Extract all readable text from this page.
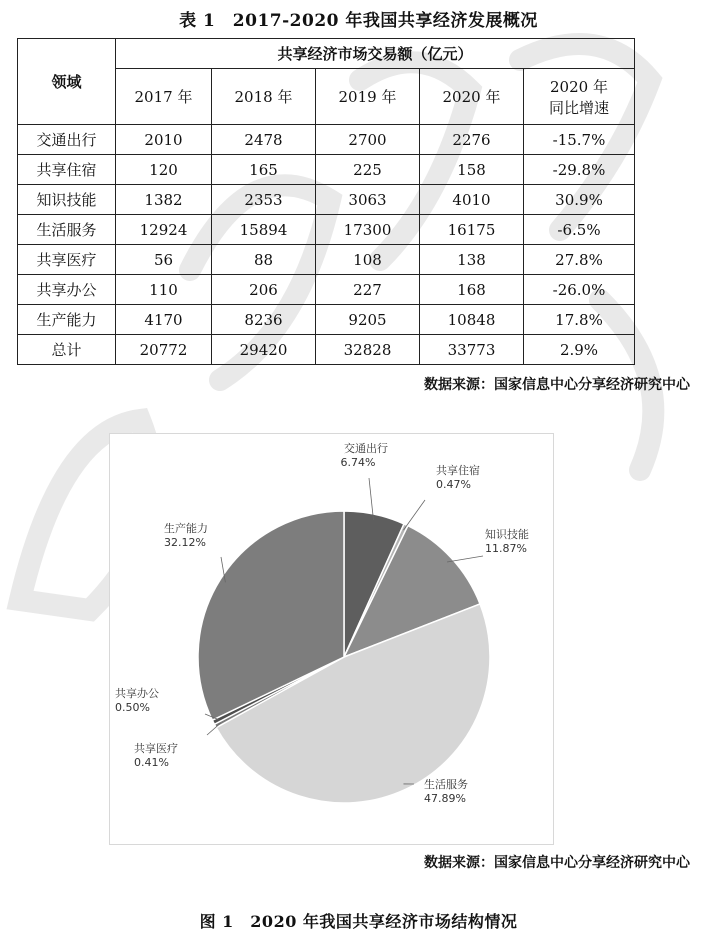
表 1　2017-2020 年我国共享经济发展概况
领域	共享经济市场交易额（亿元）				
	2017 年	2018 年	2019 年	2020 年	2020 年
同比增速

交通出行	2010	2478	2700	2276	-15.7%
共享住宿	120	165	225	158	-29.8%
知识技能	1382	2353	3063	4010	30.9%
生活服务	12924	15894	17300	16175	-6.5%
共享医疗	56	88	108	138	27.8%
共享办公	110	206	227	168	-26.0%
生产能力	4170	8236	9205	10848	17.8%
总计	20772	29420	32828	33773	2.9%
数据来源：国家信息中心分享经济研究中心
交通出行
6.74%
共享住宿
0.47%
知识技能
11.87%
生活服务
47.89%
共享医疗
0.41%
共享办公
0.50%
生产能力
32.12%
数据来源：国家信息中心分享经济研究中心
图 1　2020 年我国共享经济市场结构情况
